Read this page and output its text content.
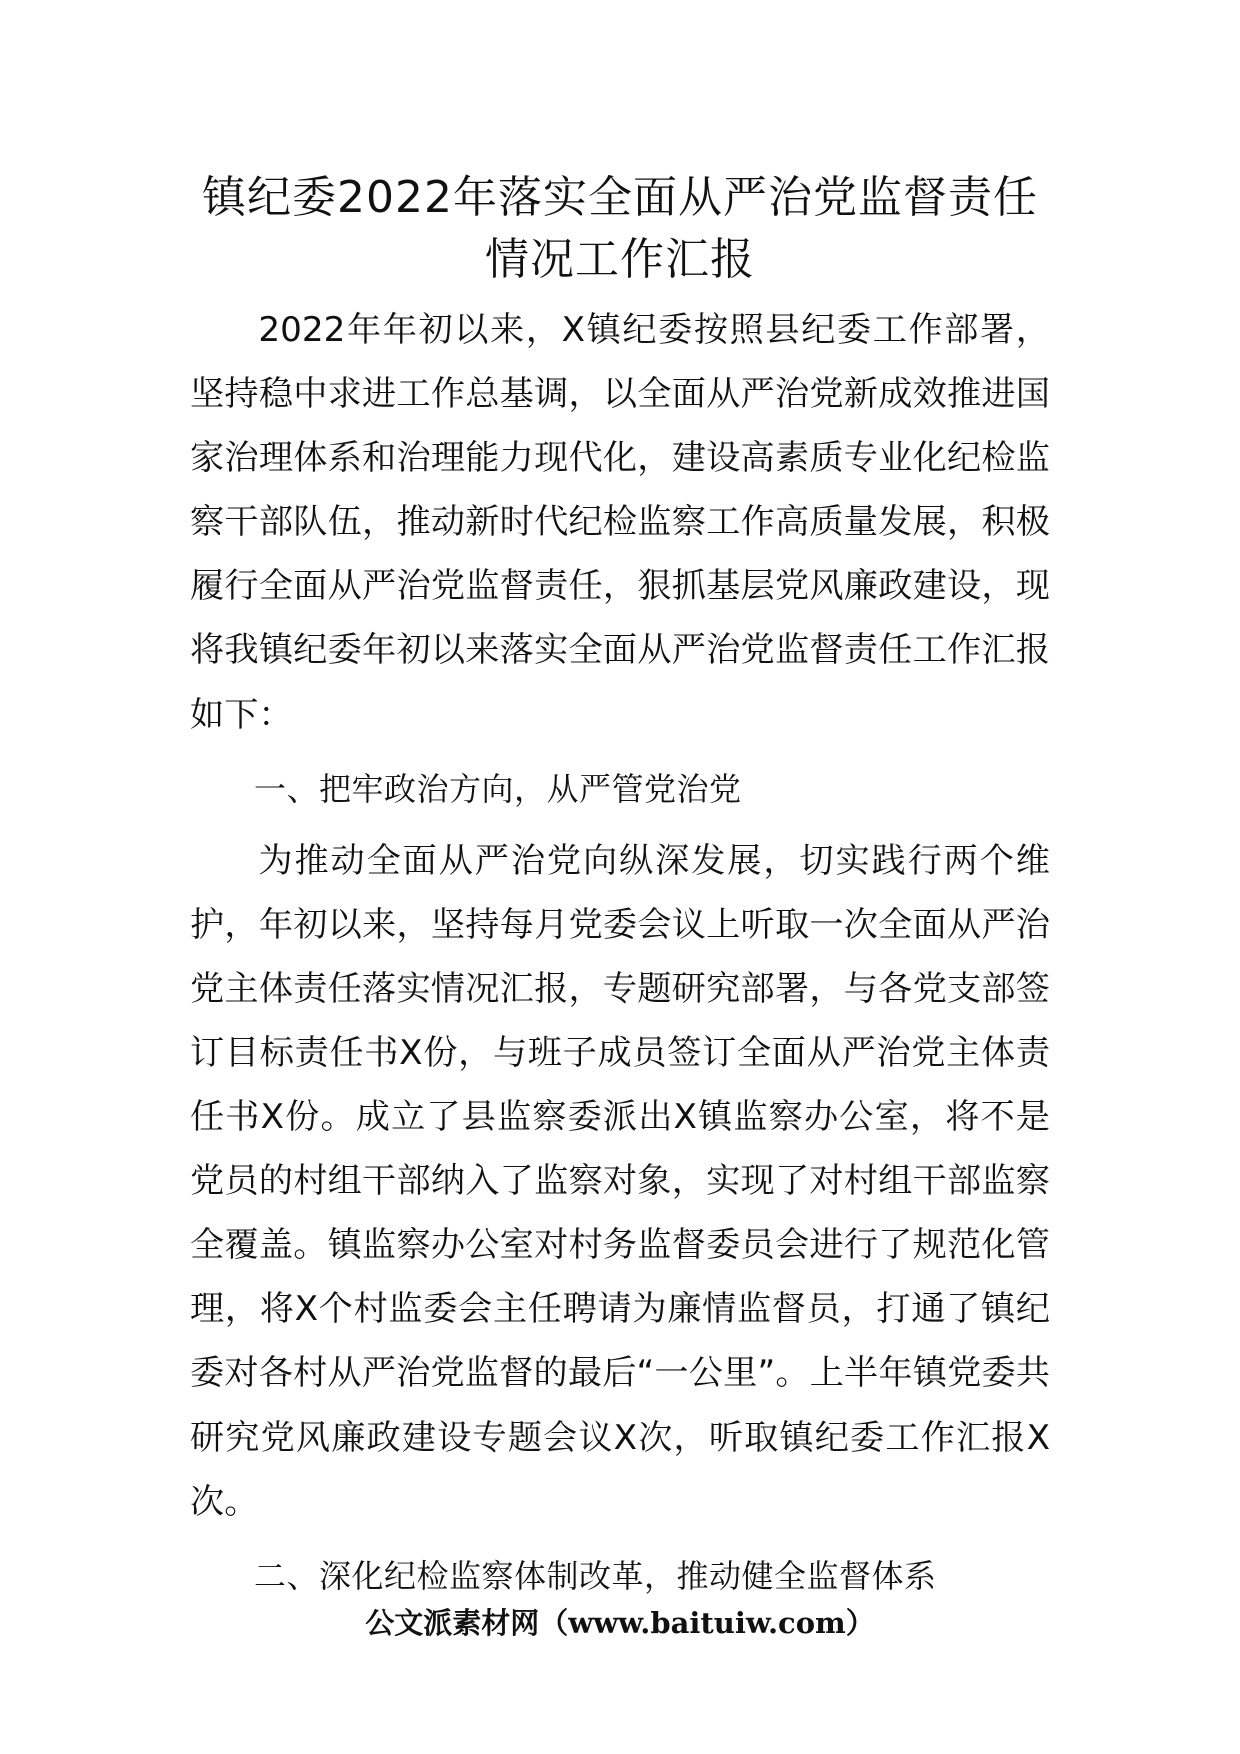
镇纪委2022年落实全面从严治党监督责任
情况工作汇报

2022年年初以来，X镇纪委按照县纪委工作部署，坚持稳中求进工作总基调，以全面从严治党新成效推进国家治理体系和治理能力现代化，建设高素质专业化纪检监察干部队伍，推动新时代纪检监察工作高质量发展，积极履行全面从严治党监督责任，狠抓基层党风廉政建设，现将我镇纪委年初以来落实全面从严治党监督责任工作汇报如下：

一、把牢政治方向，从严管党治党

为推动全面从严治党向纵深发展，切实践行两个维护，年初以来，坚持每月党委会议上听取一次全面从严治党主体责任落实情况汇报，专题研究部署，与各党支部签订目标责任书X份，与班子成员签订全面从严治党主体责任书X份。成立了县监察委派出X镇监察办公室，将不是党员的村组干部纳入了监察对象，实现了对村组干部监察全覆盖。镇监察办公室对村务监督委员会进行了规范化管理，将X个村监委会主任聘请为廉情监督员，打通了镇纪委对各村从严治党监督的最后“一公里”。上半年镇党委共研究党风廉政建设专题会议X次，听取镇纪委工作汇报X次。

二、深化纪检监察体制改革，推动健全监督体系
公文派素材网（www.baituiw.com）
